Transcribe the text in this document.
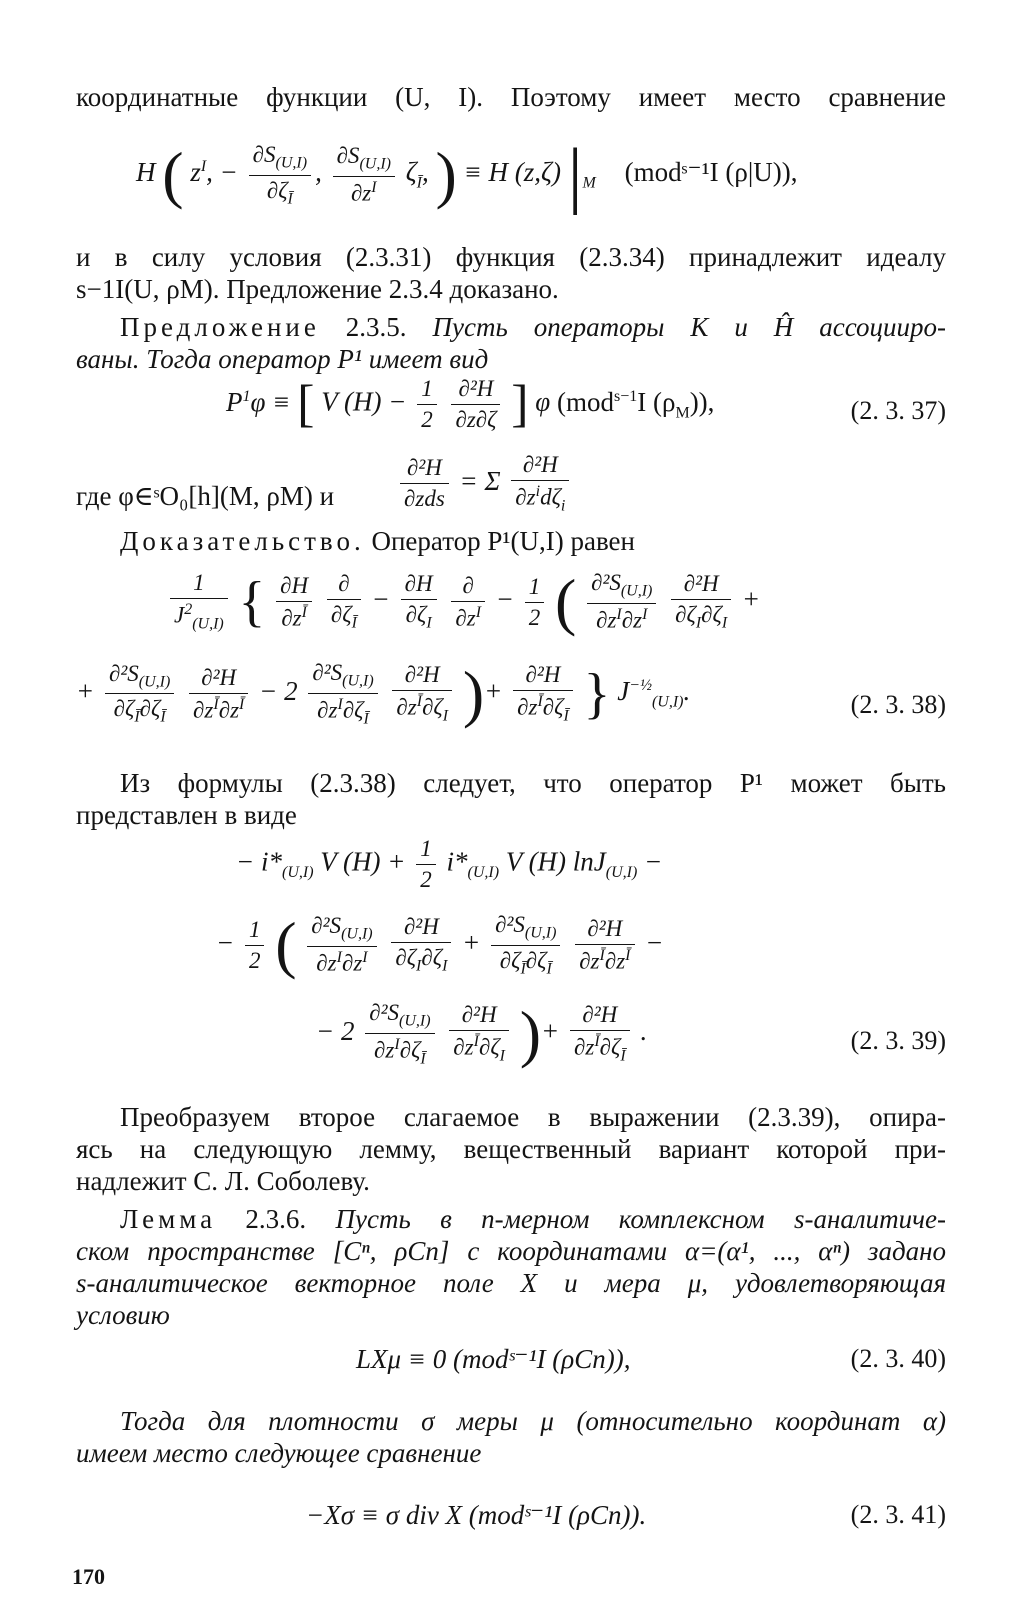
координатные функции (U, I). Поэтому имеет место сравнение
H ( $z^I$, − $\frac{\partial S_{(U,I)}}{\partial\zeta_Ī}$ , $\frac{\partial S_{(U,I)}}{\partial z^I} \zeta_Ī$, ) ≡ H (z,ζ) $|_M$ (modˢ⁻¹I (ρ|U)),
и в силу условия (2.3.31) функция (2.3.34) принадлежит идеалу
s−1I(U, ρM). Предложение 2.3.4 доказано.
Предложение 2.3.5. Пусть операторы K и Ĥ ассоцииро-
ваны. Тогда оператор P¹ имеет вид
$P^1\varphi$ ≡ [ V $(H) - \frac{1}{2}$
$\frac{\text{∂²H}}{\partial z\partial\zeta}$ ] φ (mod$^{s-1}$I $(\rho_M)$),	(2. 3. 37)
где φ∈ˢO₀[h](M, ρM) и	$\frac{\text{∂²H}}{\text{∂zds}} = \Sigma \frac{\text{∂²H}}{\partial z^id\zeta_i}$
Доказательство. Оператор P¹(U,I) равен
$\frac{1}{J^2_{(U,I)}}$ { $\frac{\partial H}{\partial z^Ī}$
$\frac{\partial}{\partial\zeta_Ī} - \frac{\partial H}{\partial\zeta_I}$
$\frac{\partial}{\partial z^I} - \frac{1}{2}$ ( $\frac{\partial^2S_{(U,I)}}{\partial z^I\partial z^I}$
$\frac{\text{∂²H}}{\partial\zeta_I\partial\zeta_I}$ +
+ $\frac{\partial^2S_{(U,I)}}{\partial\zeta_Ī\partial\zeta_Ī}$
$\frac{\text{∂²H}}{\partial z^Ī\partial z^Ī} - 2 \frac{\partial^2S_{(U,I)}}{\partial z^I\partial\zeta_Ī}$
$\frac{\text{∂²H}}{\partial z^Ī\partial\zeta_I}$ )+ $\frac{\text{∂²H}}{\partial z^Ī\partial\zeta_Ī}$ } $J^{-\frac{1}{2}}_{(U,I)}$.	(2. 3. 38)
Из формулы (2.3.38) следует, что оператор P¹ может быть
представлен в виде
− $i*_{(U,I)}$ V $(H) + \frac{1}{2} i*_{(U,I)}$ V (H) lnJ$_{(U,I)}$ −
− $\frac{1}{2}$ ( $\frac{\partial^2S_{(U,I)}}{\partial z^I\partial z^I}$
$\frac{\text{∂²H}}{\partial\zeta_I\partial\zeta_I} + \frac{\partial^2S_{(U,I)}}{\partial\zeta_Ī\partial\zeta_Ī}$
$\frac{\text{∂²H}}{\partial z^Ī\partial z^Ī}$ −
− $2 \frac{\partial^2S_{(U,I)}}{\partial z^I\partial\zeta_Ī}$
$\frac{\text{∂²H}}{\partial z^Ī\partial\zeta_I}$ )+ $\frac{\text{∂²H}}{\partial z^Ī\partial\zeta_Ī}$ .	(2. 3. 39)
Преобразуем второе слагаемое в выражении (2.3.39), опира-
ясь на следующую лемму, вещественный вариант которой при-
надлежит С. Л. Соболеву.
Лемма 2.3.6. Пусть в n-мерном комплексном s-аналитиче-
ском пространстве [Cⁿ, ρCn] с координатами α=(α¹, ..., αⁿ) задано
s-аналитическое векторное поле X и мера μ, удовлетворяющая
условию
LXμ ≡ 0 (modˢ⁻¹I (ρCn)),	(2. 3. 40)
Тогда для плотности σ меры μ (относительно координат α)
имеем место следующее сравнение
−Xσ ≡ σ div X (modˢ⁻¹I (ρCn)).	(2. 3. 41)
170
